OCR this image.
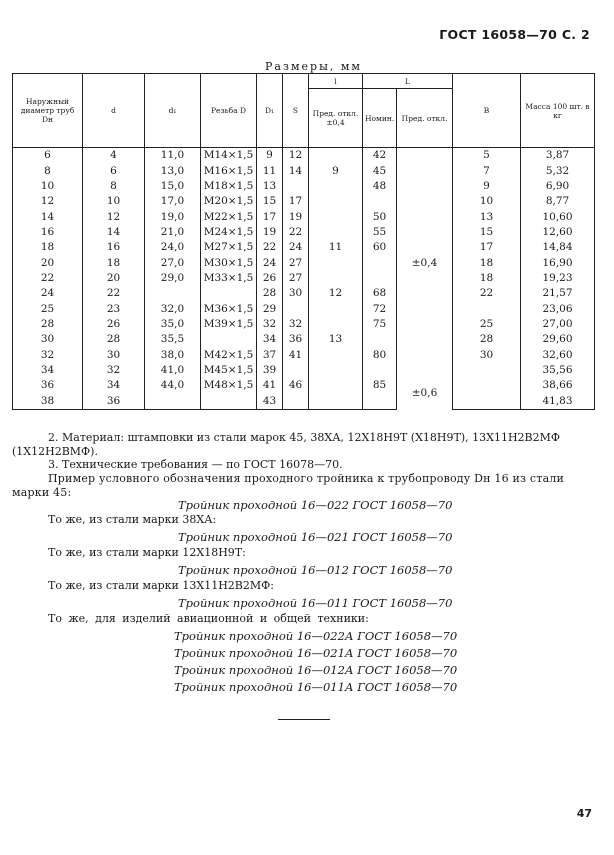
ГОСТ 16058—70 С. 2
Размеры, мм
Наружный диаметр труб Dн	d	d₁	Резьба D	D₁	S	l	L		B	Масса 100 шт. в кг
						Пред. откл. ±0,4	Номин.	Пред. откл.		
6	4	11,0	M14×1,5	9	12		42	±0,4	5	3,87
8	6	13,0	M16×1,5	11	14	9	45		7	5,32
10	8	15,0	M18×1,5	13			48		9	6,90
12	10	17,0	M20×1,5	15	17				10	8,77
14	12	19,0	M22×1,5	17	19		50		13	10,60
16	14	21,0	M24×1,5	19	22		55		15	12,60
18	16	24,0	M27×1,5	22	24	11	60		17	14,84
20	18	27,0	M30×1,5	24	27				18	16,90
22	20	29,0	M33×1,5	26	27				18	19,23
24	22			28	30	12	68		22	21,57
25	23	32,0	M36×1,5	29			72			23,06
28	26	35,0	M39×1,5	32	32		75		25	27,00
30	28	35,5		34	36	13			28	29,60
32	30	38,0	M42×1,5	37	41		80		30	32,60
34	32	41,0	M45×1,5	39						35,56
36	34	44,0	M48×1,5	41	46		85	±0,6		38,66
38	36			43						41,83
2. Материал: штамповки из стали марок 45, 38ХА, 12Х18Н9Т (Х18Н9Т), 13Х11Н2В2МФ (1Х12Н2ВМФ).
3. Технические требования — по ГОСТ 16078—70.
Пример условного обозначения проходного тройника к трубопроводу Dн 16 из стали марки 45:
Тройник проходной 16—022 ГОСТ 16058—70
То же, из стали марки 38ХА:
Тройник проходной 16—021 ГОСТ 16058—70
То же, из стали марки 12Х18Н9Т:
Тройник проходной 16—012 ГОСТ 16058—70
То же, из стали марки 13Х11Н2В2МФ:
Тройник проходной 16—011 ГОСТ 16058—70
То же, для изделий авиационной и общей техники:
Тройник проходной 16—022А ГОСТ 16058—70
Тройник проходной 16—021А ГОСТ 16058—70
Тройник проходной 16—012А ГОСТ 16058—70
Тройник проходной 16—011А ГОСТ 16058—70
47
